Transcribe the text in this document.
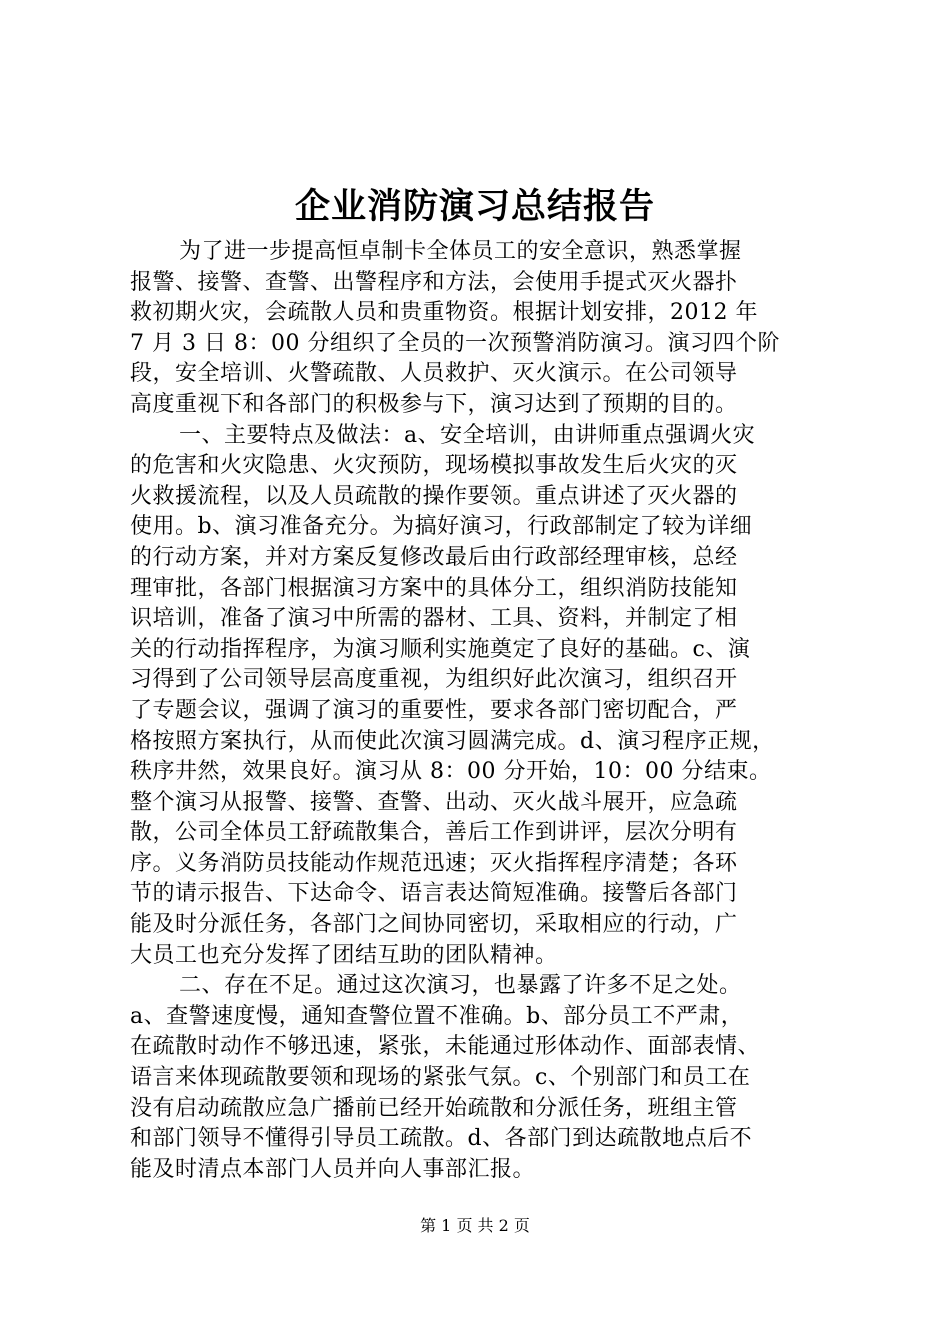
企业消防演习总结报告
为了进一步提高恒卓制卡全体员工的安全意识，熟悉掌握
报警、接警、查警、出警程序和方法，会使用手提式灭火器扑
救初期火灾，会疏散人员和贵重物资。根据计划安排，2012 年
7 月 3 日 8：00 分组织了全员的一次预警消防演习。演习四个阶
段，安全培训、火警疏散、人员救护、灭火演示。在公司领导
高度重视下和各部门的积极参与下，演习达到了预期的目的。
一、主要特点及做法：a、安全培训，由讲师重点强调火灾
的危害和火灾隐患、火灾预防，现场模拟事故发生后火灾的灭
火救援流程，以及人员疏散的操作要领。重点讲述了灭火器的
使用。b、演习准备充分。为搞好演习，行政部制定了较为详细
的行动方案，并对方案反复修改最后由行政部经理审核，总经
理审批，各部门根据演习方案中的具体分工，组织消防技能知
识培训，准备了演习中所需的器材、工具、资料，并制定了相
关的行动指挥程序，为演习顺利实施奠定了良好的基础。c、演
习得到了公司领导层高度重视，为组织好此次演习，组织召开
了专题会议，强调了演习的重要性，要求各部门密切配合，严
格按照方案执行，从而使此次演习圆满完成。d、演习程序正规，
秩序井然，效果良好。演习从 8：00 分开始，10：00 分结束。
整个演习从报警、接警、查警、出动、灭火战斗展开，应急疏
散，公司全体员工舒疏散集合，善后工作到讲评，层次分明有
序。义务消防员技能动作规范迅速；灭火指挥程序清楚；各环
节的请示报告、下达命令、语言表达简短准确。接警后各部门
能及时分派任务，各部门之间协同密切，采取相应的行动，广
大员工也充分发挥了团结互助的团队精神。
二、存在不足。通过这次演习，也暴露了许多不足之处。
a、查警速度慢，通知查警位置不准确。b、部分员工不严肃，
在疏散时动作不够迅速，紧张，未能通过形体动作、面部表情、
语言来体现疏散要领和现场的紧张气氛。c、个别部门和员工在
没有启动疏散应急广播前已经开始疏散和分派任务，班组主管
和部门领导不懂得引导员工疏散。d、各部门到达疏散地点后不
能及时清点本部门人员并向人事部汇报。
第 1 页 共 2 页
